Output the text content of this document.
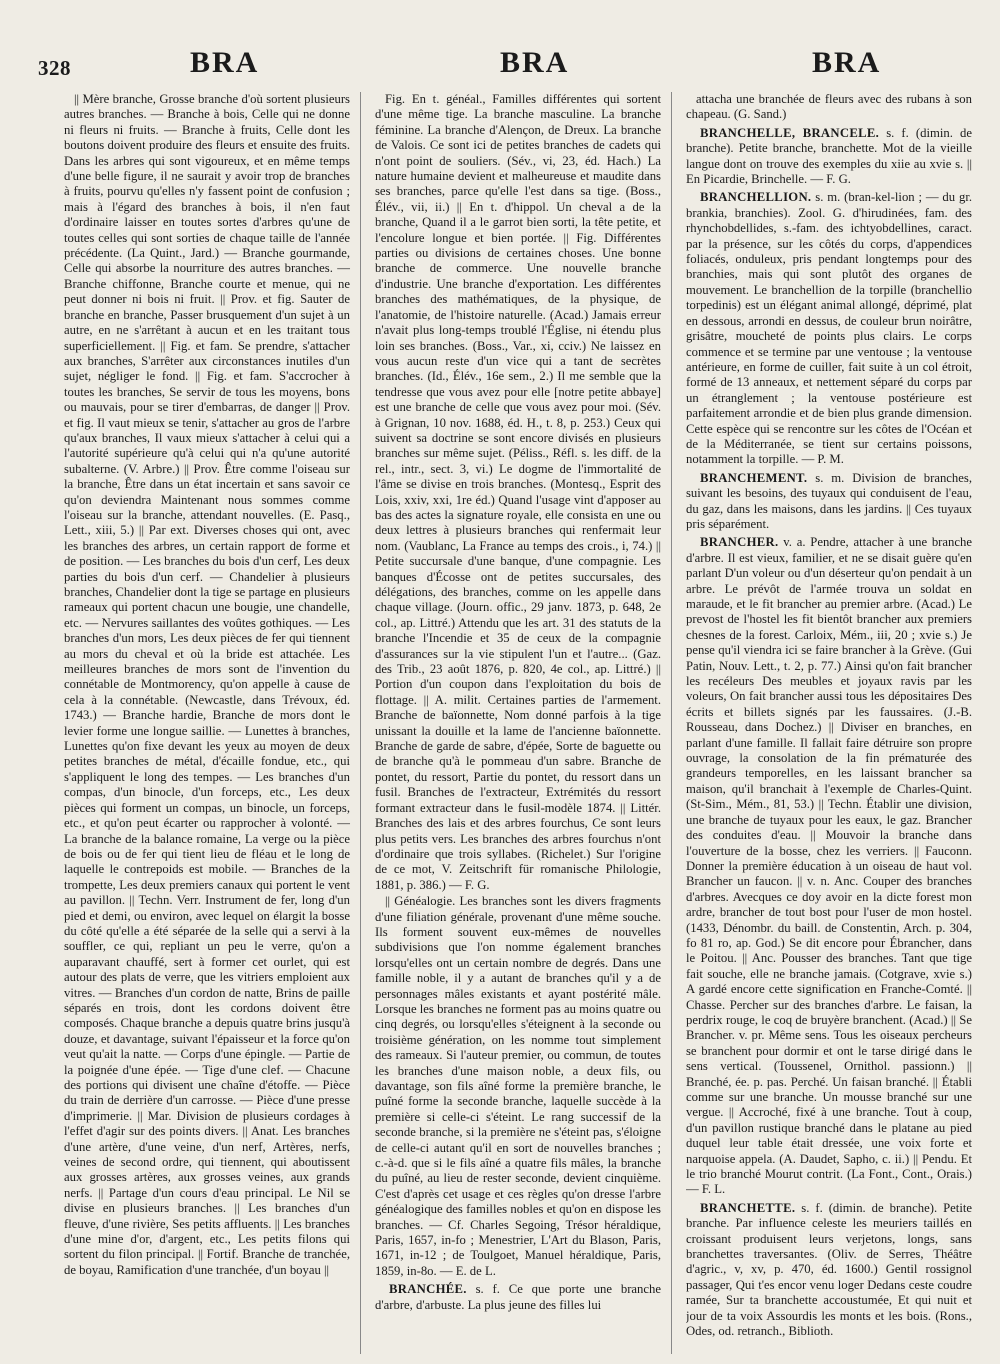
328	BRA	BRA	BRA

|| Mère branche, Grosse branche d'où sortent plusieurs autres branches. — Branche à bois, Celle qui ne donne ni fleurs ni fruits. — Branche à fruits, Celle dont les boutons doivent produire des fleurs et ensuite des fruits. Dans les arbres qui sont vigoureux, et en même temps d'une belle figure, il ne saurait y avoir trop de branches à fruits, pourvu qu'elles n'y fassent point de confusion ; mais à l'égard des branches à bois, il n'en faut d'ordinaire laisser en toutes sortes d'arbres qu'une de toutes celles qui sont sorties de chaque taille de l'année précédente. (La Quint., Jard.) — Branche gourmande, Celle qui absorbe la nourriture des autres branches. — Branche chiffonne, Branche courte et menue, qui ne peut donner ni bois ni fruit. || Prov. et fig. Sauter de branche en branche, Passer brusquement d'un sujet à un autre, en ne s'arrêtant à aucun et en les traitant tous superficiellement. || Fig. et fam. Se prendre, s'attacher aux branches, S'arrêter aux circonstances inutiles d'un sujet, négliger le fond. || Fig. et fam. S'accrocher à toutes les branches, Se servir de tous les moyens, bons ou mauvais, pour se tirer d'embarras, de danger || Prov. et fig. Il vaut mieux se tenir, s'attacher au gros de l'arbre qu'aux branches, Il vaux mieux s'attacher à celui qui a l'autorité supérieure qu'à celui qui n'a qu'une autorité subalterne. (V. Arbre.) || Prov. Être comme l'oiseau sur la branche, Être dans un état incertain et sans savoir ce qu'on deviendra Maintenant nous sommes comme l'oiseau sur la branche, attendant nouvelles. (E. Pasq., Lett., xiii, 5.) || Par ext. Diverses choses qui ont, avec les branches des arbres, un certain rapport de forme et de position. — Les branches du bois d'un cerf, Les deux parties du bois d'un cerf. — Chandelier à plusieurs branches, Chandelier dont la tige se partage en plusieurs rameaux qui portent chacun une bougie, une chandelle, etc. — Nervures saillantes des voûtes gothiques. — Les branches d'un mors, Les deux pièces de fer qui tiennent au mors du cheval et où la bride est attachée. Les meilleures branches de mors sont de l'invention du connétable de Montmorency, qu'on appelle à cause de cela à la connétable. (Newcastle, dans Trévoux, éd. 1743.) — Branche hardie, Branche de mors dont le levier forme une longue saillie. — Lunettes à branches, Lunettes qu'on fixe devant les yeux au moyen de deux petites branches de métal, d'écaille fondue, etc., qui s'appliquent le long des tempes. — Les branches d'un compas, d'un binocle, d'un forceps, etc., Les deux pièces qui forment un compas, un binocle, un forceps, etc., et qu'on peut écarter ou rapprocher à volonté. — La branche de la balance romaine, La verge ou la pièce de bois ou de fer qui tient lieu de fléau et le long de laquelle le contrepoids est mobile. — Branches de la trompette, Les deux premiers canaux qui portent le vent au pavillon. || Techn. Verr. Instrument de fer, long d'un pied et demi, ou environ, avec lequel on élargit la bosse du côté qu'elle a été séparée de la selle qui a servi à la souffler, ce qui, repliant un peu le verre, qu'on a auparavant chauffé, sert à former cet ourlet, qui est autour des plats de verre, que les vitriers emploient aux vitres. — Branches d'un cordon de natte, Brins de paille séparés en trois, dont les cordons doivent être composés. Chaque branche a depuis quatre brins jusqu'à douze, et davantage, suivant l'épaisseur et la force qu'on veut qu'ait la natte. — Corps d'une épingle. — Partie de la poignée d'une épée. — Tige d'une clef. — Chacune des portions qui divisent une chaîne d'étoffe. — Pièce du train de derrière d'un carrosse. — Pièce d'une presse d'imprimerie. || Mar. Division de plusieurs cordages à l'effet d'agir sur des points divers. || Anat. Les branches d'une artère, d'une veine, d'un nerf, Artères, nerfs, veines de second ordre, qui tiennent, qui aboutissent aux grosses artères, aux grosses veines, aux grands nerfs. || Partage d'un cours d'eau principal. Le Nil se divise en plusieurs branches. || Les branches d'un fleuve, d'une rivière, Ses petits affluents. || Les branches d'une mine d'or, d'argent, etc., Les petits filons qui sortent du filon principal. || Fortif. Branche de tranchée, de boyau, Ramification d'une tranchée, d'un boyau ||

Fig. En t. généal., Familles différentes qui sortent d'une même tige. La branche masculine. La branche féminine. La branche d'Alençon, de Dreux. La branche de Valois. Ce sont ici de petites branches de cadets qui n'ont point de souliers. (Sév., vi, 23, éd. Hach.) La nature humaine devient et malheureuse et maudite dans ses branches, parce qu'elle l'est dans sa tige. (Boss., Élév., vii, ii.) || En t. d'hippol. Un cheval a de la branche, Quand il a le garrot bien sorti, la tête petite, et l'encolure longue et bien portée. || Fig. Différentes parties ou divisions de certaines choses. Une bonne branche de commerce. Une nouvelle branche d'industrie. Une branche d'exportation. Les différentes branches des mathématiques, de la physique, de l'anatomie, de l'histoire naturelle. (Acad.) Jamais erreur n'avait plus long-temps troublé l'Église, ni étendu plus loin ses branches. (Boss., Var., xi, cciv.) Ne laissez en vous aucun reste d'un vice qui a tant de secrètes branches. (Id., Élév., 16e sem., 2.) Il me semble que la tendresse que vous avez pour elle [notre petite abbaye] est une branche de celle que vous avez pour moi. (Sév. à Grignan, 10 nov. 1688, éd. H., t. 8, p. 253.) Ceux qui suivent sa doctrine se sont encore divisés en plusieurs branches sur même sujet. (Péliss., Réfl. s. les diff. de la rel., intr., sect. 3, vi.) Le dogme de l'immortalité de l'âme se divise en trois branches. (Montesq., Esprit des Lois, xxiv, xxi, 1re éd.) Quand l'usage vint d'apposer au bas des actes la signature royale, elle consista en une ou deux lettres à plusieurs branches qui renfermait leur nom. (Vaublanc, La France au temps des crois., i, 74.) || Petite succursale d'une banque, d'une compagnie. Les banques d'Écosse ont de petites succursales, des délégations, des branches, comme on les appelle dans chaque village. (Journ. offic., 29 janv. 1873, p. 648, 2e col., ap. Littré.) Attendu que les art. 31 des statuts de la branche l'Incendie et 35 de ceux de la compagnie d'assurances sur la vie stipulent l'un et l'autre... (Gaz. des Trib., 23 août 1876, p. 820, 4e col., ap. Littré.) || Portion d'un coupon dans l'exploitation du bois de flottage. || A. milit. Certaines parties de l'armement. Branche de baïonnette, Nom donné parfois à la tige unissant la douille et la lame de l'ancienne baïonnette. Branche de garde de sabre, d'épée, Sorte de baguette ou de branche qu'à le pommeau d'un sabre. Branche de pontet, du ressort, Partie du pontet, du ressort dans un fusil. Branches de l'extracteur, Extrémités du ressort formant extracteur dans le fusil-modèle 1874. || Littér. Branches des lais et des arbres fourchus, Ce sont leurs plus petits vers. Les branches des arbres fourchus n'ont d'ordinaire que trois syllabes. (Richelet.) Sur l'origine de ce mot, V. Zeitschrift für romanische Philologie, 1881, p. 386.) — F. G.

|| Généalogie. Les branches sont les divers fragments d'une filiation générale, provenant d'une même souche. Ils forment souvent eux-mêmes de nouvelles subdivisions que l'on nomme également branches lorsqu'elles ont un certain nombre de degrés. Dans une famille noble, il y a autant de branches qu'il y a de personnages mâles existants et ayant postérité mâle. Lorsque les branches ne forment pas au moins quatre ou cinq degrés, ou lorsqu'elles s'éteignent à la seconde ou troisième génération, on les nomme tout simplement des rameaux. Si l'auteur premier, ou commun, de toutes les branches d'une maison noble, a deux fils, ou davantage, son fils aîné forme la première branche, le puîné forme la seconde branche, laquelle succède à la première si celle-ci s'éteint. Le rang successif de la seconde branche, si la première ne s'éteint pas, s'éloigne de celle-ci autant qu'il en sort de nouvelles branches ; c.-à-d. que si le fils aîné a quatre fils mâles, la branche du puîné, au lieu de rester seconde, devient cinquième. C'est d'après cet usage et ces règles qu'on dresse l'arbre généalogique des familles nobles et qu'on en dispose les branches. — Cf. Charles Segoing, Trésor héraldique, Paris, 1657, in-fo ; Menestrier, L'Art du Blason, Paris, 1671, in-12 ; de Toulgoet, Manuel héraldique, Paris, 1859, in-8o. — E. de L.

BRANCHÉE. s. f. Ce que porte une branche d'arbre, d'arbuste. La plus jeune des filles lui

attacha une branchée de fleurs avec des rubans à son chapeau. (G. Sand.)

BRANCHELLE, BRANCELE. s. f. (dimin. de branche). Petite branche, branchette. Mot de la vieille langue dont on trouve des exemples du xiie au xvie s. || En Picardie, Brinchelle. — F. G.

BRANCHELLION. s. m. (bran-kel-lion ; — du gr. brankia, branchies). Zool. G. d'hirudinées, fam. des rhynchobdellides, s.-fam. des ichtyobdellines, caract. par la présence, sur les côtés du corps, d'appendices foliacés, onduleux, pris pendant longtemps pour des branchies, mais qui sont plutôt des organes de mouvement. Le branchellion de la torpille (branchellio torpedinis) est un élégant animal allongé, déprimé, plat en dessous, arrondi en dessus, de couleur brun noirâtre, grisâtre, moucheté de points plus clairs. Le corps commence et se termine par une ventouse ; la ventouse antérieure, en forme de cuiller, fait suite à un col étroit, formé de 13 anneaux, et nettement séparé du corps par un étranglement ; la ventouse postérieure est parfaitement arrondie et de bien plus grande dimension. Cette espèce qui se rencontre sur les côtes de l'Océan et de la Méditerranée, se tient sur certains poissons, notamment la torpille. — P. M.

BRANCHEMENT. s. m. Division de branches, suivant les besoins, des tuyaux qui conduisent de l'eau, du gaz, dans les maisons, dans les jardins. || Ces tuyaux pris séparément.

BRANCHER. v. a. Pendre, attacher à une branche d'arbre. Il est vieux, familier, et ne se disait guère qu'en parlant D'un voleur ou d'un déserteur qu'on pendait à un arbre. Le prévôt de l'armée trouva un soldat en maraude, et le fit brancher au premier arbre. (Acad.) Le prevost de l'hostel les fit bientôt brancher aux premiers chesnes de la forest. Carloix, Mém., iii, 20 ; xvie s.) Je pense qu'il viendra ici se faire brancher à la Grève. (Gui Patin, Nouv. Lett., t. 2, p. 77.) Ainsi qu'on fait brancher les recéleurs Des meubles et joyaux ravis par les voleurs, On fait brancher aussi tous les dépositaires Des écrits et billets signés par les faussaires. (J.-B. Rousseau, dans Dochez.) || Diviser en branches, en parlant d'une famille. Il fallait faire détruire son propre ouvrage, la consolation de la fin prématurée des grandeurs temporelles, en les laissant brancher sa maison, qu'il branchait à l'exemple de Charles-Quint. (St-Sim., Mém., 81, 53.) || Techn. Établir une division, une branche de tuyaux pour les eaux, le gaz. Brancher des conduites d'eau. || Mouvoir la branche dans l'ouverture de la bosse, chez les verriers. || Fauconn. Donner la première éducation à un oiseau de haut vol. Brancher un faucon. || v. n. Anc. Couper des branches d'arbres. Avecques ce doy avoir en la dicte forest mon ardre, brancher de tout bost pour l'user de mon hostel. (1433, Dénombr. du baill. de Constentin, Arch. p. 304, fo 81 ro, ap. God.) Se dit encore pour Ébrancher, dans le Poitou. || Anc. Pousser des branches. Tant que tige fait souche, elle ne branche jamais. (Cotgrave, xvie s.) A gardé encore cette signification en Franche-Comté. || Chasse. Percher sur des branches d'arbre. Le faisan, la perdrix rouge, le coq de bruyère branchent. (Acad.) || Se Brancher. v. pr. Même sens. Tous les oiseaux percheurs se branchent pour dormir et ont le tarse dirigé dans le sens vertical. (Toussenel, Ornithol. passionn.) || Branché, ée. p. pas. Perché. Un faisan branché. || Établi comme sur une branche. Un mousse branché sur une vergue. || Accroché, fixé à une branche. Tout à coup, d'un pavillon rustique branché dans le platane au pied duquel leur table était dressée, une voix forte et narquoise appela. (A. Daudet, Sapho, c. ii.) || Pendu. Et le trio branché Mourut contrit. (La Font., Cont., Orais.) — F. L.

BRANCHETTE. s. f. (dimin. de branche). Petite branche. Par influence celeste les meuriers taillés en croissant produisent leurs verjetons, longs, sans branchettes traversantes. (Oliv. de Serres, Théâtre d'agric., v, xv, p. 470, éd. 1600.) Gentil rossignol passager, Qui t'es encor venu loger Dedans ceste coudre ramée, Sur ta branchette accoustumée, Et qui nuit et jour de ta voix Assourdis les monts et les bois. (Rons., Odes, od. retranch., Biblioth.
